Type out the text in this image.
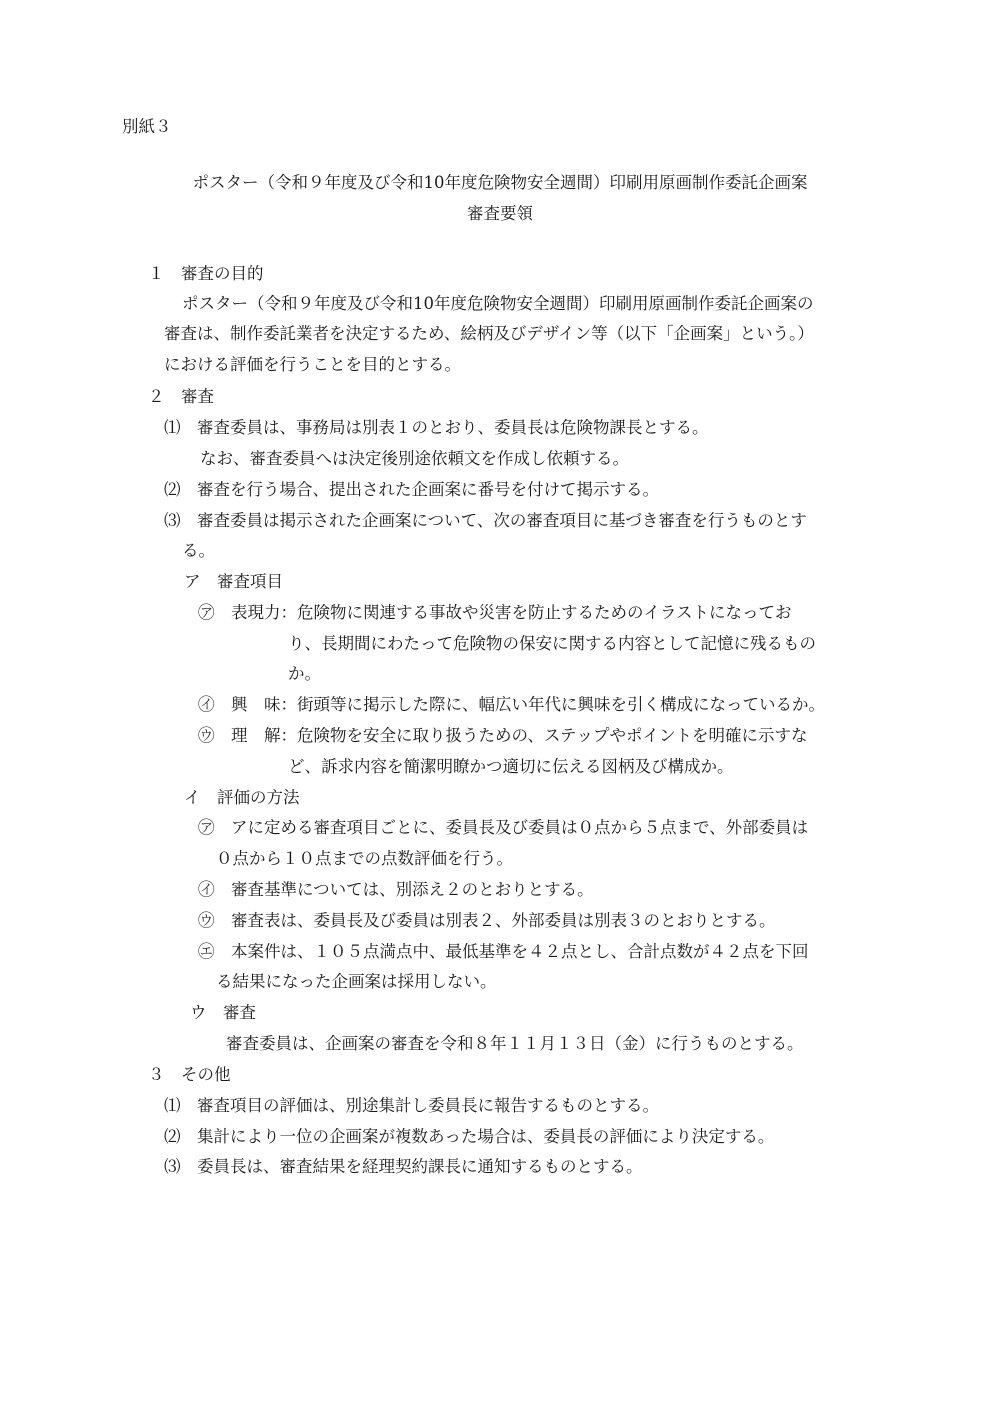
別紙３
ポスター（令和９年度及び令和10年度危険物安全週間）印刷用原画制作委託企画案
審査要領
１　審査の目的
ポスター（令和９年度及び令和10年度危険物安全週間）印刷用原画制作委託企画案の
審査は、制作委託業者を決定するため、絵柄及びデザイン等（以下「企画案」という。）
における評価を行うことを目的とする。
２　審査
⑴　審査委員は、事務局は別表１のとおり、委員長は危険物課長とする。
なお、審査委員へは決定後別途依頼文を作成し依頼する。
⑵　審査を行う場合、提出された企画案に番号を付けて掲示する。
⑶　審査委員は掲示された企画案について、次の審査項目に基づき審査を行うものとす
る。
ア　審査項目
㋐　表現力：危険物に関連する事故や災害を防止するためのイラストになってお
り、長期間にわたって危険物の保安に関する内容として記憶に残るもの
か。
㋑　興　味：街頭等に掲示した際に、幅広い年代に興味を引く構成になっているか。
㋒　理　解：危険物を安全に取り扱うための、ステップやポイントを明確に示すな
ど、訴求内容を簡潔明瞭かつ適切に伝える図柄及び構成か。
イ　評価の方法
㋐　アに定める審査項目ごとに、委員長及び委員は０点から５点まで、外部委員は
０点から１０点までの点数評価を行う。
㋑　審査基準については、別添え２のとおりとする。
㋒　審査表は、委員長及び委員は別表２、外部委員は別表３のとおりとする。
㋓　本案件は、１０５点満点中、最低基準を４２点とし、合計点数が４２点を下回
る結果になった企画案は採用しない。
ウ　審査
審査委員は、企画案の審査を令和８年１１月１３日（金）に行うものとする。
３　その他
⑴　審査項目の評価は、別途集計し委員長に報告するものとする。
⑵　集計により一位の企画案が複数あった場合は、委員長の評価により決定する。
⑶　委員長は、審査結果を経理契約課長に通知するものとする。
